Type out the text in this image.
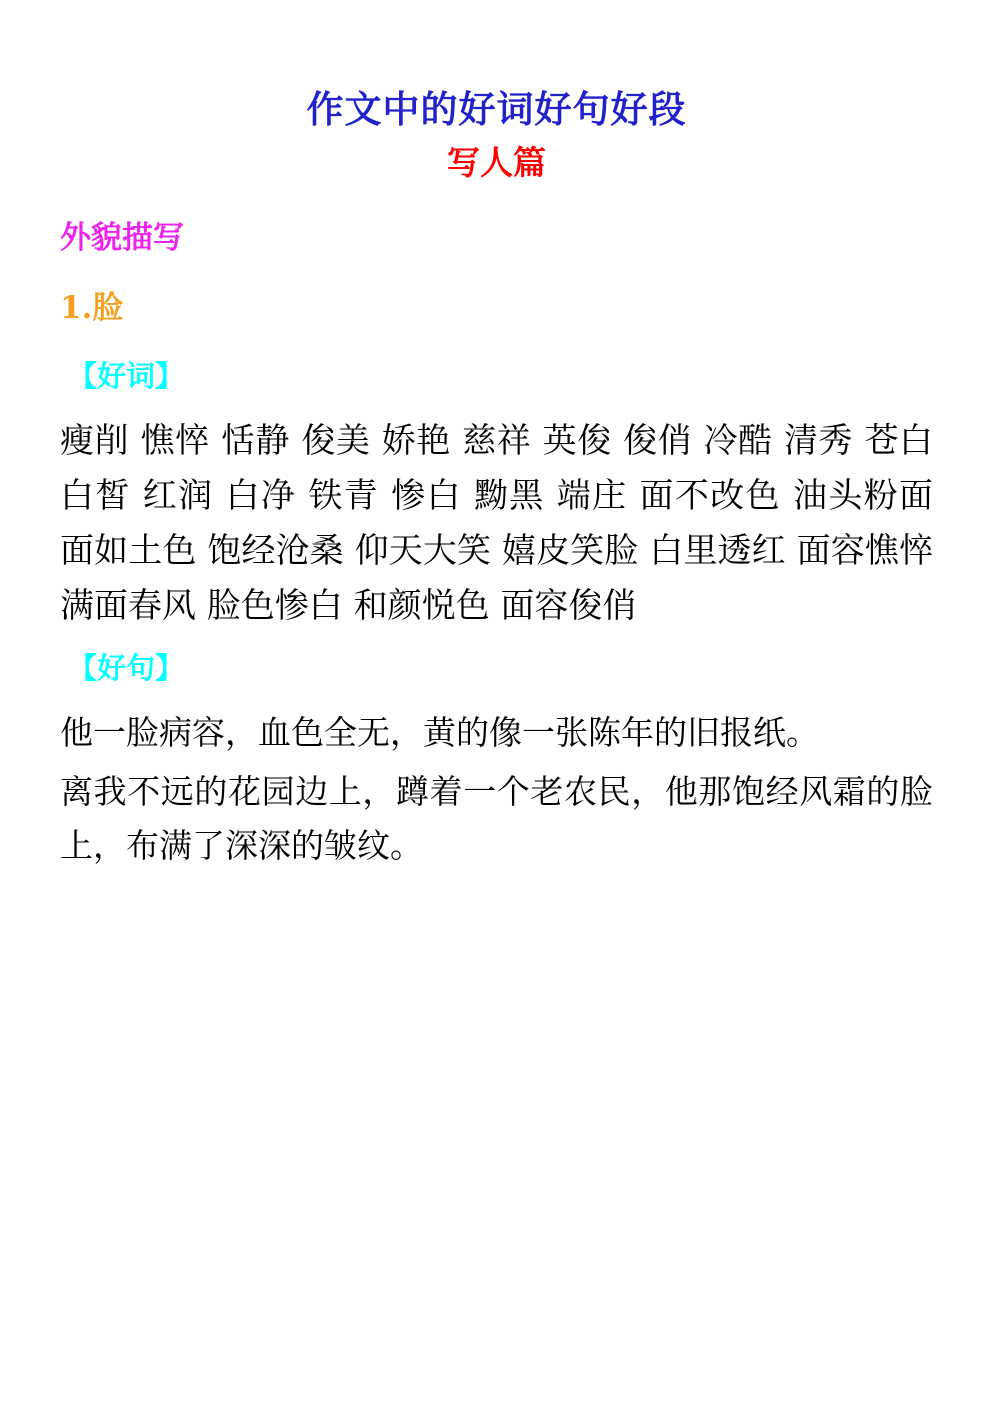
作文中的好词好句好段
写人篇
外貌描写
1.脸
【好词】

瘦削 憔悴 恬静 俊美 娇艳 慈祥 英俊 俊俏 冷酷 清秀 苍白 白皙 红润 白净 铁青 惨白 黝黑 端庄 面不改色 油头粉面 面如土色 饱经沧桑 仰天大笑 嬉皮笑脸 白里透红 面容憔悴 满面春风 脸色惨白 和颜悦色 面容俊俏

【好句】

他一脸病容，血色全无，黄的像一张陈年的旧报纸。

离我不远的花园边上，蹲着一个老农民，他那饱经风霜的脸上，布满了深深的皱纹。
